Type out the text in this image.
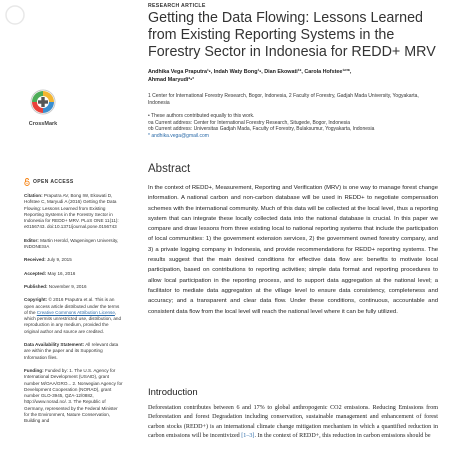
RESEARCH ARTICLE
Getting the Data Flowing: Lessons Learned from Existing Reporting Systems in the Forestry Sector in Indonesia for REDD+ MRV
Andhika Vega Praputra¹•, Indah Waty Bong¹•, Dian Ekowati¹², Carola Hofstee¹²³*,
Ahmad Maryudi²•³
1 Center for International Forestry Research, Bogor, Indonesia, 2 Faculty of Forestry, Gadjah Mada University, Yogyakarta, Indonesia
• These authors contributed equally to this work.
¤a Current address: Center for International Forestry Research, Situgede, Bogor, Indonesia
¤b Current address: Universitas Gadjah Mada, Faculty of Forestry, Bulaksumur, Yogyakarta, Indonesia
* andhika.vega@gmail.com
CrossMark
OPEN ACCESS
Citation: Praputra AV, Bong IW, Ekowati D, Hofstee C, Maryudi A (2016) Getting the Data Flowing: Lessons Learned from Existing Reporting Systems in the Forestry Sector in Indonesia for REDD+ MRV. PLoS ONE 11(11): e0156743. doi:10.1371/journal.pone.0156743
Editor: Martin Herold, Wageningen University, INDONESIA
Received: July 9, 2015
Accepted: May 16, 2016
Published: November 9, 2016
Copyright: © 2016 Praputra et al. This is an open access article distributed under the terms of the Creative Commons Attribution License, which permits unrestricted use, distribution, and reproduction in any medium, provided the original author and source are credited.
Data Availability Statement: All relevant data are within the paper and its Supporting Information files.
Funding: Funded by: 1. The U.S. Agency for International Development (USAID), grant number M/OAA/GRO... 2. Norwegian Agency for Development Cooperation (NORAD), grant number GLO-3945, QZA-12/0882, http://www.norad.no/. 3. The Republic of Germany, represented by the Federal Minister for the Environment, Nature Conservation, Building and
Abstract
In the context of REDD+, Measurement, Reporting and Verification (MRV) is one way to manage forest change information. A national carbon and non-carbon database will be used in REDD+ to negotiate compensation schemes with the international community. Much of this data will be collected at the local level, thus a reporting system that can integrate these locally collected data into the national database is crucial. In this paper we compare and draw lessons from three existing local to national reporting systems that include the participation of local communities: 1) the government extension services, 2) the government owned forestry company, and 3) a private logging company in Indonesia, and provide recommendations for REDD+ reporting systems. The results suggest that the main desired conditions for effective data flow are: benefits to motivate local participation, based on contributions to reporting activities; simple data format and reporting procedures to allow local participation in the reporting process, and to support data aggregation at the national level; a facilitator to mediate data aggregation at the village level to ensure data consistency, completeness and accuracy; and a transparent and clear data flow. Under these conditions, continuous, accountable and consistent data flow from the local level will reach the national level where it can be fully utilized.
Introduction
Deforestation contributes between 6 and 17% to global anthropogenic CO2 emissions. Reducing Emissions from Deforestation and forest Degradation including conservation, sustainable management and enhancement of forest carbon stocks (REDD+) is an international climate change mitigation mechanism in which a quantified reduction in carbon emissions will be incentivized [1–3]. In the context of REDD+, this reduction in carbon emissions should be
